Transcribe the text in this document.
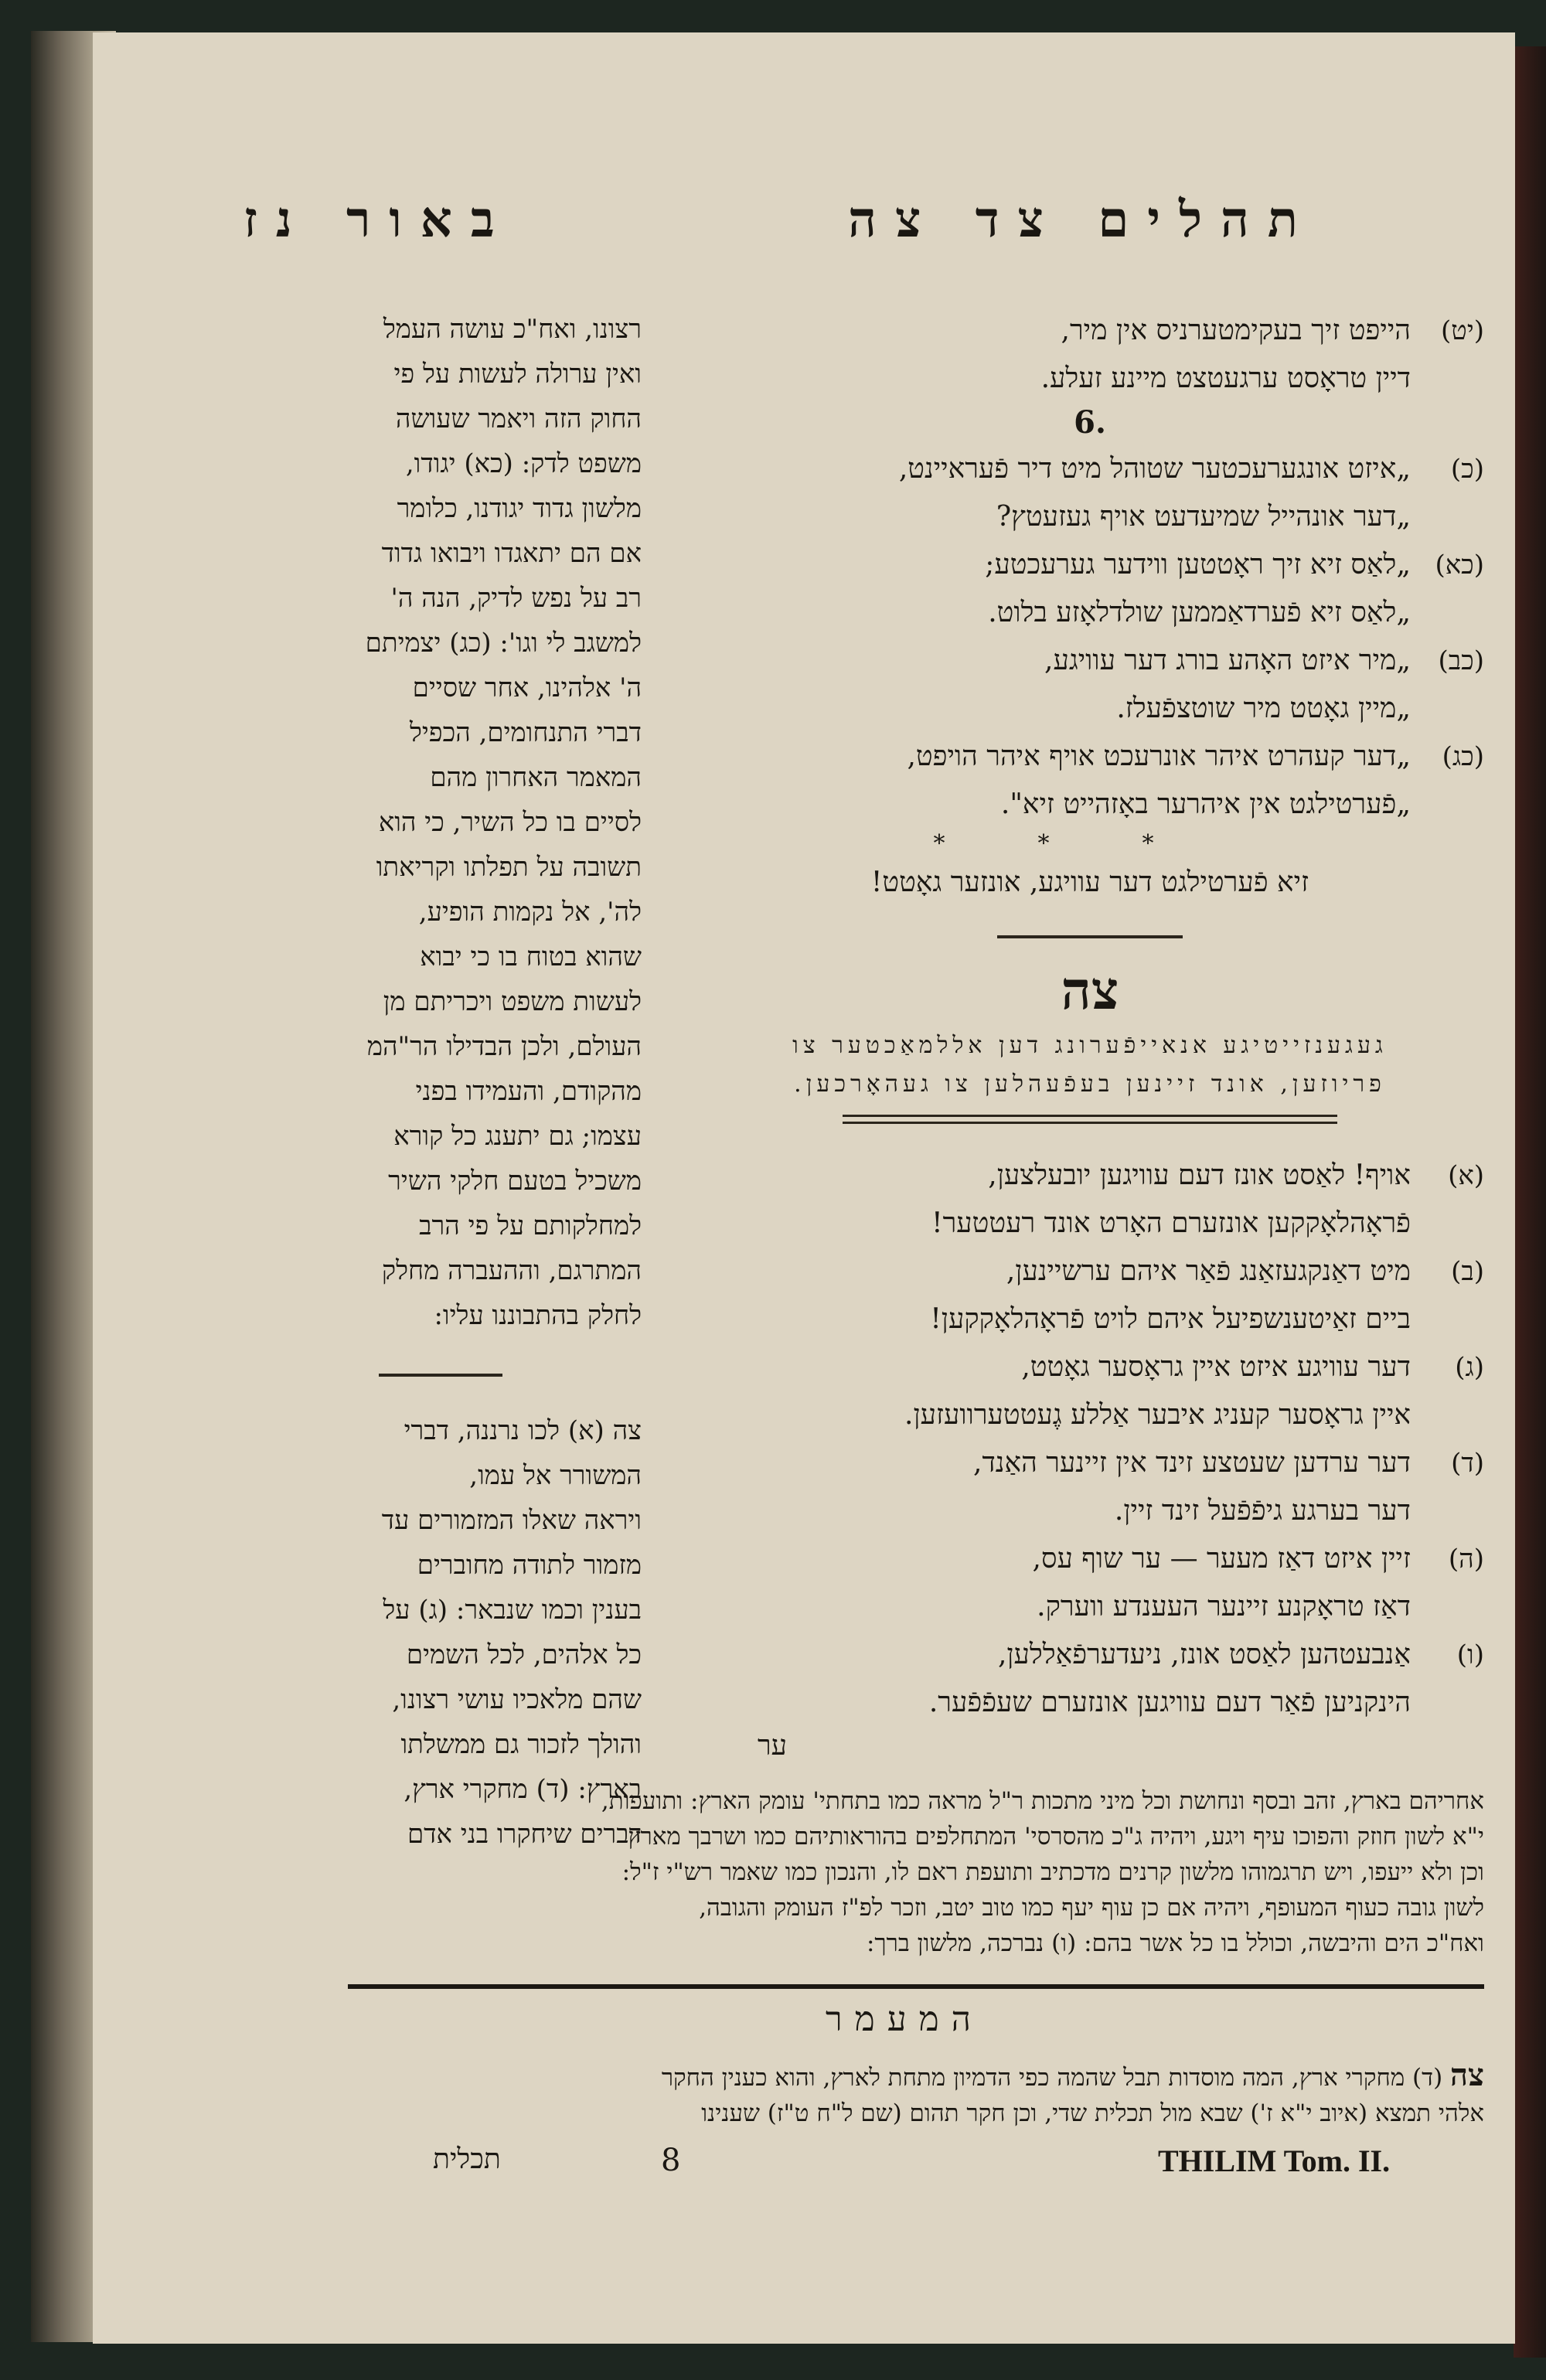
תהלים צד צה
באור נז
רצונו, ואח"כ עושה העמל
ואין ערולה לעשות על פי
החוק הזה ויאמר שעושה
משפט לדק: (כא) יגודו,
מלשון גדוד יגודנו, כלומר
אם הם יתאגדו ויבואו גדוד
רב על נפש לדיק, הנה ה'
למשגב לי וגו': (כג) יצמיתם
ה' אלהינו, אחר שסיים
דברי התנחומים, הכפיל
המאמר האחרון מהם
לסיים בו כל השיר, כי הוא
תשובה על תפלתו וקריאתו
לה', אל נקמות הופיע,
שהוא בטוח בו כי יבוא
לעשות משפט ויכריתם מן
העולם, ולכן הבדילו הר"המ
מהקודם, והעמידו בפני
עצמו; גם יתענג כל קורא
משכיל בטעם חלקי השיר
למחלקותם על פי הרב
המתרגם, וההעברה מחלק
לחלק בהתבוננו עליו:
צה (א) לכו נרננה, דברי
המשורר אל עמו,
ויראה שאלו המזמורים עד
מזמור לתודה מחוברים
בענין וכמו שנבאר: (ג) על
כל אלהים, לכל השמים
שהם מלאכיו עושי רצונו,
והולך לזכור גם ממשלתו
בארץ: (ד) מחקרי ארץ,
דברים שיחקרו בני אדם
(יט)
הייפט זיך בעקימטערניס אין מיר,
דיין טראָסט ערגעטצט מיינע זעלע.
6.
(כ)
„איזט אונגערעכטער שטוהל מיט דיר פֿעראיינט,
„דער אונהייל שמיעדעט אויף געזעטץ?
(כא)
„לאַס זיא זיך ראָטטען ווידער גערעכטע;
„לאַס זיא פֿערדאַממען שולדלאָזע בלוט.
(כב)
„מיר איזט האָהע בורג דער עוויגע,
„מיין גאָטט מיר שוטצפֿעלז.
(כג)
„דער קעהרט איהר אונרעכט אויף איהר הויפט,
„פֿערטילגט אין איהרער באָזהייט זיא".
***
זיא פֿערטילגט דער עוויגע, אונזער גאָטט!
צה
געגענזייטיגע אנאייפֿערונג דען אללמאַכטער צו
פריוזען, אונד זיינען בעפֿעהלען צו געהאָרכען.
(א)
אויף! לאַסט אונז דעם עוויגען יובעלצען,
פֿראָהלאָקקען אונזערם האָרט אונד רעטטער!
(ב)
מיט דאַנקגעזאַנג פֿאַר איהם ערשיינען,
ביים זאַיטענשפיעל איהם לויט פֿראָהלאָקקען!
(ג)
דער עוויגע איזט איין גראָסער גאָטט,
איין גראָסער קעניג איבער אַללע גֶעטטערוועזען.
(ד)
דער ערדען שעטצע זינד אין זיינער האַנד,
דער בערגע גיפֿפֿעל זינד זיין.
(ה)
זיין איזט דאַז מעער — ער שוף עס,
דאַז טראָקנע זיינער העענדע ווערק.
(ו)
אַנבעטהען לאַסט אונז, ניעדערפֿאַללען,
הינקניען פֿאַר דעם עוויגען אונזערם שעפֿפֿער.
ער
אחריהם בארץ, זהב ובסף ונחושת וכל מיני מתכות ר"ל מראה כמו בתחתי' עומק הארץ: ותועפות,
י"א לשון חוזק והפוכו עיף ויגע, ויהיה ג"כ מהסרסי' המתחלפים בהוראותיהם כמו ושרבך מארץ
וכן ולא ייעפו, ויש תרגמוהו מלשון קרנים מדכתיב ותועפת ראם לו, והנכון כמו שאמר רש"י ז"ל:
לשון גובה כעוף המעופף, ויהיה אם כן עוף יעף כמו טוב יטב, וזכר לפ"ז העומק והגובה,
ואח"כ הים והיבשה, וכולל בו כל אשר בהם: (ו) נברכה, מלשון ברך:
המעמר
צה (ד) מחקרי ארץ, המה מוסדות תבל שהמה כפי הדמיון מתחת לארץ, והוא כענין החקר
אלהי תמצא (איוב י"א ז') שבא מול תכלית שדי, וכן חקר תהום (שם ל"ח ט"ז) שענינו
תכלית	8	THILIM Tom. II.
